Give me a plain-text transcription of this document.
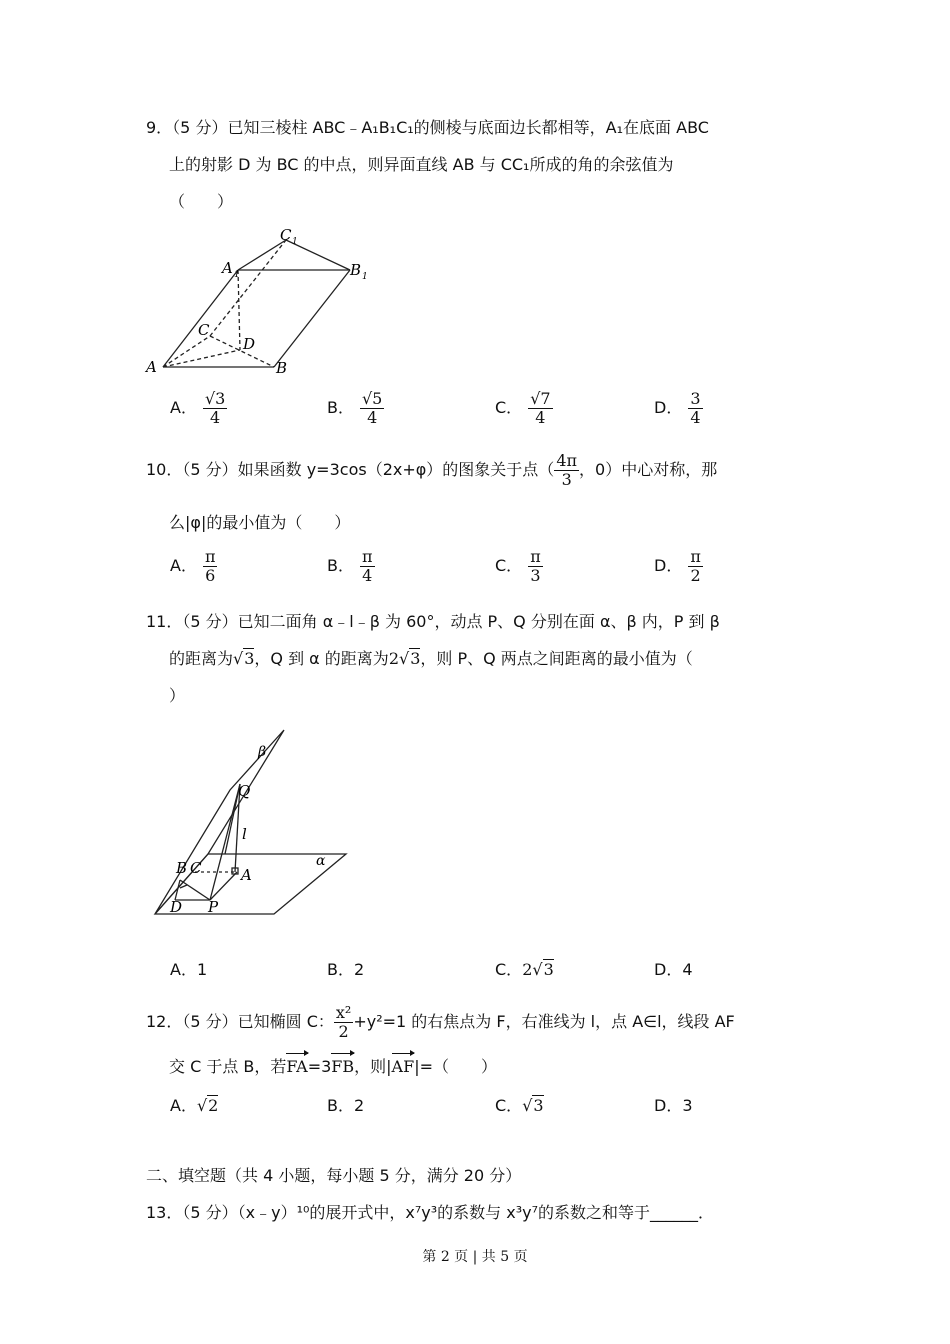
9．（5 分）已知三棱柱 ABC﹣A₁B₁C₁的侧棱与底面边长都相等，A₁在底面 ABC
上的射影 D 为 BC 的中点，则异面直线 AB 与 CC₁所成的角的余弦值为
（　　）
A	B
C
D
A 1	B 1
C 1
A． $\frac{√3}{4}$	B． $\frac{√5}{4}$	C． $\frac{√7}{4}$	D． $\frac{3}{4}$
10．（5 分）如果函数 y=3cos（2x+φ）的图象关于点（ $\frac{4\pi}{3}$ ，0）中心对称，那
么|φ|的最小值为（　　）
A． $\frac{\pi}{6}$	B． $\frac{\pi}{4}$	C． $\frac{\pi}{3}$	D． $\frac{\pi}{2}$
11．（5 分）已知二面角 α﹣l﹣β 为 60°，动点 P、Q 分别在面 α、β 内，P 到 β
的距离为√3，Q 到 α 的距离为2√3，则 P、Q 两点之间距离的最小值为（
）
β
α
Q
l
B C	A
D P
A．1	B．2	C．2√3	D．4
12．（5 分）已知椭圆 C： $\frac{\text{x²}}{2} +y^2=1$ 的右焦点为 F，右准线为 l，点 A∈l，线段 AF
交 C 于点 B，若FA=3FB，则|AF|=（　　）
A．√2	B．2	C．√3	D．3
二、填空题（共 4 小题，每小题 5 分，满分 20 分）
13．（5 分）（x﹣y）¹⁰的展开式中，x⁷y³的系数与 x³y⁷的系数之和等于______．
第 2 页 | 共 5 页
